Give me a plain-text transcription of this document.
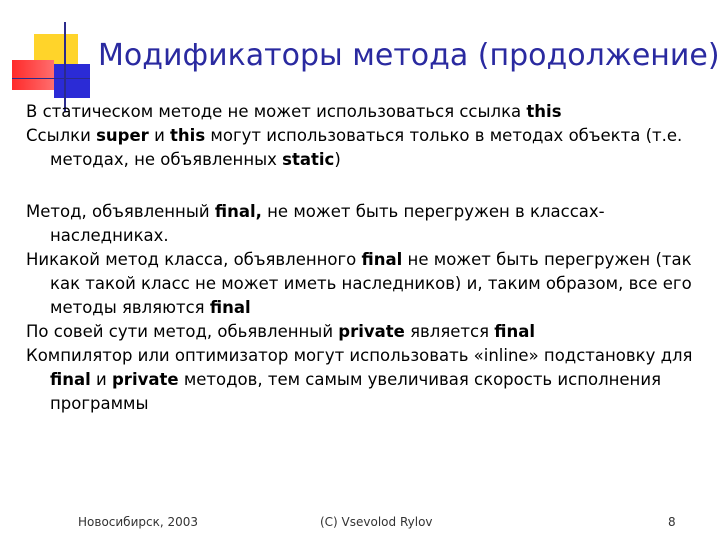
Модификаторы метода (продолжение)

В статическом методе не может использоваться ссылка this

Ссылки super и this могут использоваться только в методах объекта (т.е. методах, не объявленных static)

Метод, объявленный final, не может быть перегружен в классах-наследниках.

Никакой метод класса, объявленного final не может быть перегружен (так как такой класс не может иметь наследников) и, таким образом, все его методы являются final

По совей сути метод, обьявленный private является final

Компилятор или оптимизатор могут использовать «inline» подстановку для final и private методов, тем самым увеличивая скорость исполнения программы

Новосибирск, 2003	(C) Vsevolod Rylov	8
